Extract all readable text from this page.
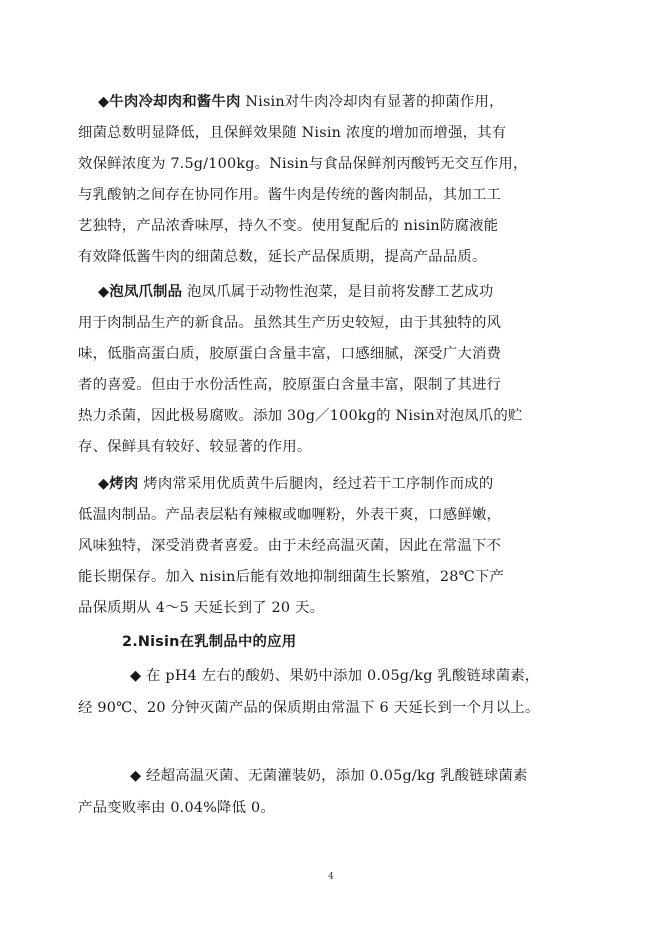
◆牛肉冷却肉和酱牛肉 Nisin对牛肉冷却肉有显著的抑菌作用，
细菌总数明显降低，且保鲜效果随 Nisin 浓度的增加而增强，其有
效保鲜浓度为 7.5g/100kg。Nisin与食品保鲜剂丙酸钙无交互作用，
与乳酸钠之间存在协同作用。酱牛肉是传统的酱肉制品，其加工工
艺独特，产品浓香味厚，持久不变。使用复配后的 nisin防腐液能
有效降低酱牛肉的细菌总数，延长产品保质期，提高产品品质。
◆泡凤爪制品 泡凤爪属于动物性泡菜，是目前将发酵工艺成功
用于肉制品生产的新食品。虽然其生产历史较短，由于其独特的风
味，低脂高蛋白质，胶原蛋白含量丰富，口感细腻，深受广大消费
者的喜爱。但由于水份活性高，胶原蛋白含量丰富，限制了其进行
热力杀菌，因此极易腐败。添加 30g／100kg的 Nisin对泡凤爪的贮
存、保鲜具有较好、较显著的作用。
◆烤肉 烤肉常采用优质黄牛后腿肉，经过若干工序制作而成的
低温肉制品。产品表层粘有辣椒或咖喱粉，外表干爽，口感鲜嫩，
风味独特，深受消费者喜爱。由于未经高温灭菌，因此在常温下不
能长期保存。加入 nisin后能有效地抑制细菌生长繁殖，28℃下产
品保质期从 4～5 天延长到了 20 天。
2.Nisin在乳制品中的应用
◆ 在 pH4 左右的酸奶、果奶中添加 0.05g/kg 乳酸链球菌素，
经 90℃、20 分钟灭菌产品的保质期由常温下 6 天延长到一个月以上。
◆ 经超高温灭菌、无菌灌装奶，添加 0.05g/kg 乳酸链球菌素
产品变败率由 0.04%降低 0。
4
